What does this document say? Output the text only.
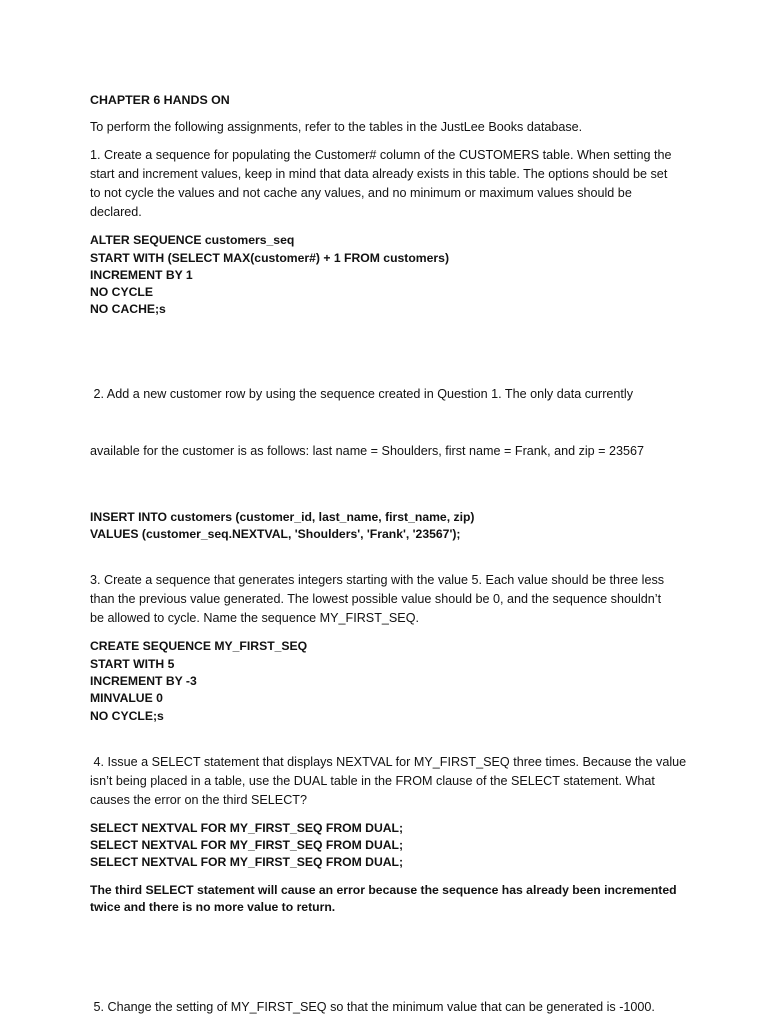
CHAPTER 6 HANDS ON
To perform the following assignments, refer to the tables in the JustLee Books database.
1. Create a sequence for populating the Customer# column of the CUSTOMERS table. When setting the
start and increment values, keep in mind that data already exists in this table. The options should be set
to not cycle the values and not cache any values, and no minimum or maximum values should be
declared.
ALTER SEQUENCE customers_seq
START WITH (SELECT MAX(customer#) + 1 FROM customers)
INCREMENT BY 1
NO CYCLE
NO CACHE;s

2. Add a new customer row by using the sequence created in Question 1. The only data currently

available for the customer is as follows: last name = Shoulders, first name = Frank, and zip = 23567

INSERT INTO customers (customer_id, last_name, first_name, zip)
VALUES (customer_seq.NEXTVAL, 'Shoulders', 'Frank', '23567');
3. Create a sequence that generates integers starting with the value 5. Each value should be three less
than the previous value generated. The lowest possible value should be 0, and the sequence shouldn’t
be allowed to cycle. Name the sequence MY_FIRST_SEQ.
CREATE SEQUENCE MY_FIRST_SEQ
START WITH 5
INCREMENT BY -3
MINVALUE 0
NO CYCLE;s
4. Issue a SELECT statement that displays NEXTVAL for MY_FIRST_SEQ three times. Because the value
isn’t being placed in a table, use the DUAL table in the FROM clause of the SELECT statement. What
causes the error on the third SELECT?
SELECT NEXTVAL FOR MY_FIRST_SEQ FROM DUAL;
SELECT NEXTVAL FOR MY_FIRST_SEQ FROM DUAL;
SELECT NEXTVAL FOR MY_FIRST_SEQ FROM DUAL;
The third SELECT statement will cause an error because the sequence has already been incremented
twice and there is no more value to return.
5. Change the setting of MY_FIRST_SEQ so that the minimum value that can be generated is -1000.
